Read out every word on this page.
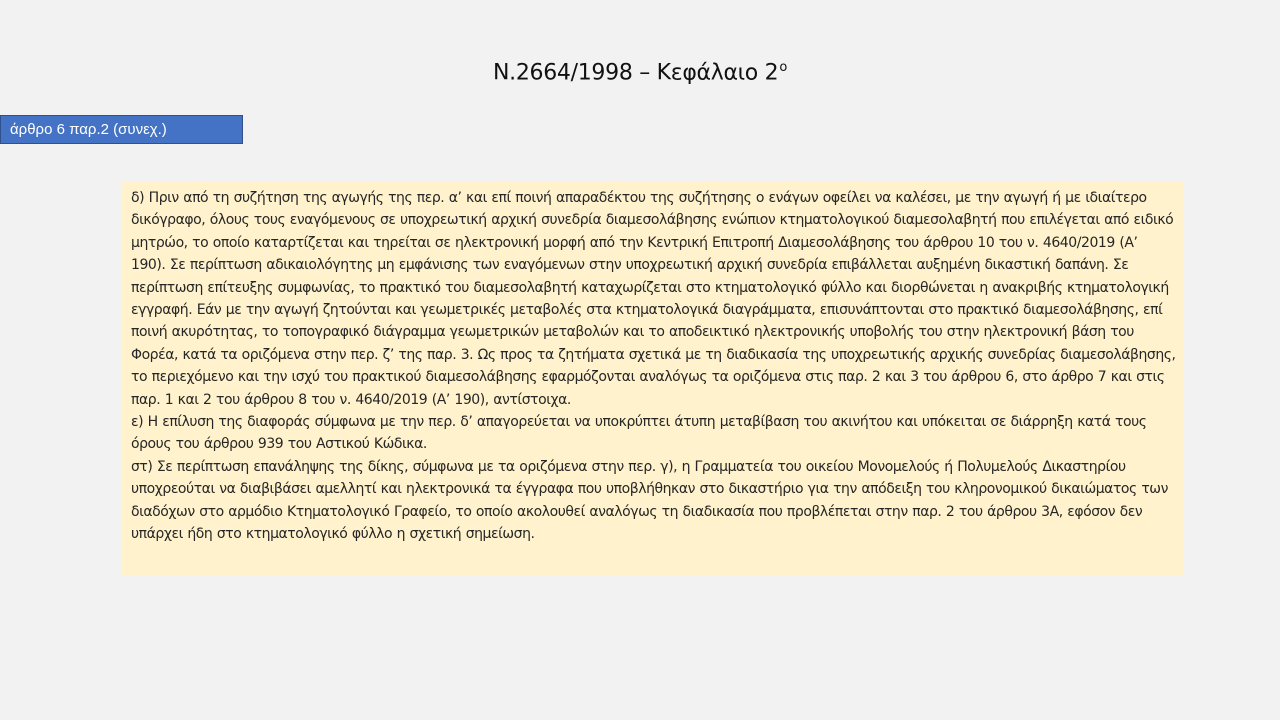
Ν.2664/1998 – Κεφάλαιο $2^o$
άρθρο 6 παρ.2 (συνεχ.)

δ) Πριν από τη συζήτηση της αγωγής της περ. α’ και επί ποινή απαραδέκτου της συζήτησης ο ενάγων οφείλει να καλέσει, με την αγωγή ή με ιδιαίτερο δικόγραφο, όλους τους εναγόμενους σε υποχρεωτική αρχική συνεδρία διαμεσολάβησης ενώπιον κτηματολογικού διαμεσολαβητή που επιλέγεται από ειδικό μητρώο, το οποίο καταρτίζεται και τηρείται σε ηλεκτρονική μορφή από την Κεντρική Επιτροπή Διαμεσολάβησης του άρθρου 10 του ν. 4640/2019 (Α’ 190). Σε περίπτωση αδικαιολόγητης μη εμφάνισης των εναγόμενων στην υποχρεωτική αρχική συνεδρία επιβάλλεται αυξημένη δικαστική δαπάνη. Σε περίπτωση επίτευξης συμφωνίας, το πρακτικό του διαμεσολαβητή καταχωρίζεται στο κτηματολογικό φύλλο και διορθώνεται η ανακριβής κτηματολογική εγγραφή. Εάν με την αγωγή ζητούνται και γεωμετρικές μεταβολές στα κτηματολογικά διαγράμματα, επισυνάπτονται στο πρακτικό διαμεσολάβησης, επί ποινή ακυρότητας, το τοπογραφικό διάγραμμα γεωμετρικών μεταβολών και το αποδεικτικό ηλεκτρονικής υποβολής του στην ηλεκτρονική βάση του Φορέα, κατά τα οριζόμενα στην περ. ζ’ της παρ. 3. Ως προς τα ζητήματα σχετικά με τη διαδικασία της υποχρεωτικής αρχικής συνεδρίας διαμεσολάβησης, το περιεχόμενο και την ισχύ του πρακτικού διαμεσολάβησης εφαρμόζονται αναλόγως τα οριζόμενα στις παρ. 2 και 3 του άρθρου 6, στο άρθρο 7 και στις παρ. 1 και 2 του άρθρου 8 του ν. 4640/2019 (Α’ 190), αντίστοιχα.

ε) Η επίλυση της διαφοράς σύμφωνα με την περ. δ’ απαγορεύεται να υποκρύπτει άτυπη μεταβίβαση του ακινήτου και υπόκειται σε διάρρηξη κατά τους όρους του άρθρου 939 του Αστικού Κώδικα.

στ) Σε περίπτωση επανάληψης της δίκης, σύμφωνα με τα οριζόμενα στην περ. γ), η Γραμματεία του οικείου Μονομελούς ή Πολυμελούς Δικαστηρίου υποχρεούται να διαβιβάσει αμελλητί και ηλεκτρονικά τα έγγραφα που υποβλήθηκαν στο δικαστήριο για την απόδειξη του κληρονομικού δικαιώματος των διαδόχων στο αρμόδιο Κτηματολογικό Γραφείο, το οποίο ακολουθεί αναλόγως τη διαδικασία που προβλέπεται στην παρ. 2 του άρθρου 3Α, εφόσον δεν υπάρχει ήδη στο κτηματολογικό φύλλο η σχετική σημείωση.
